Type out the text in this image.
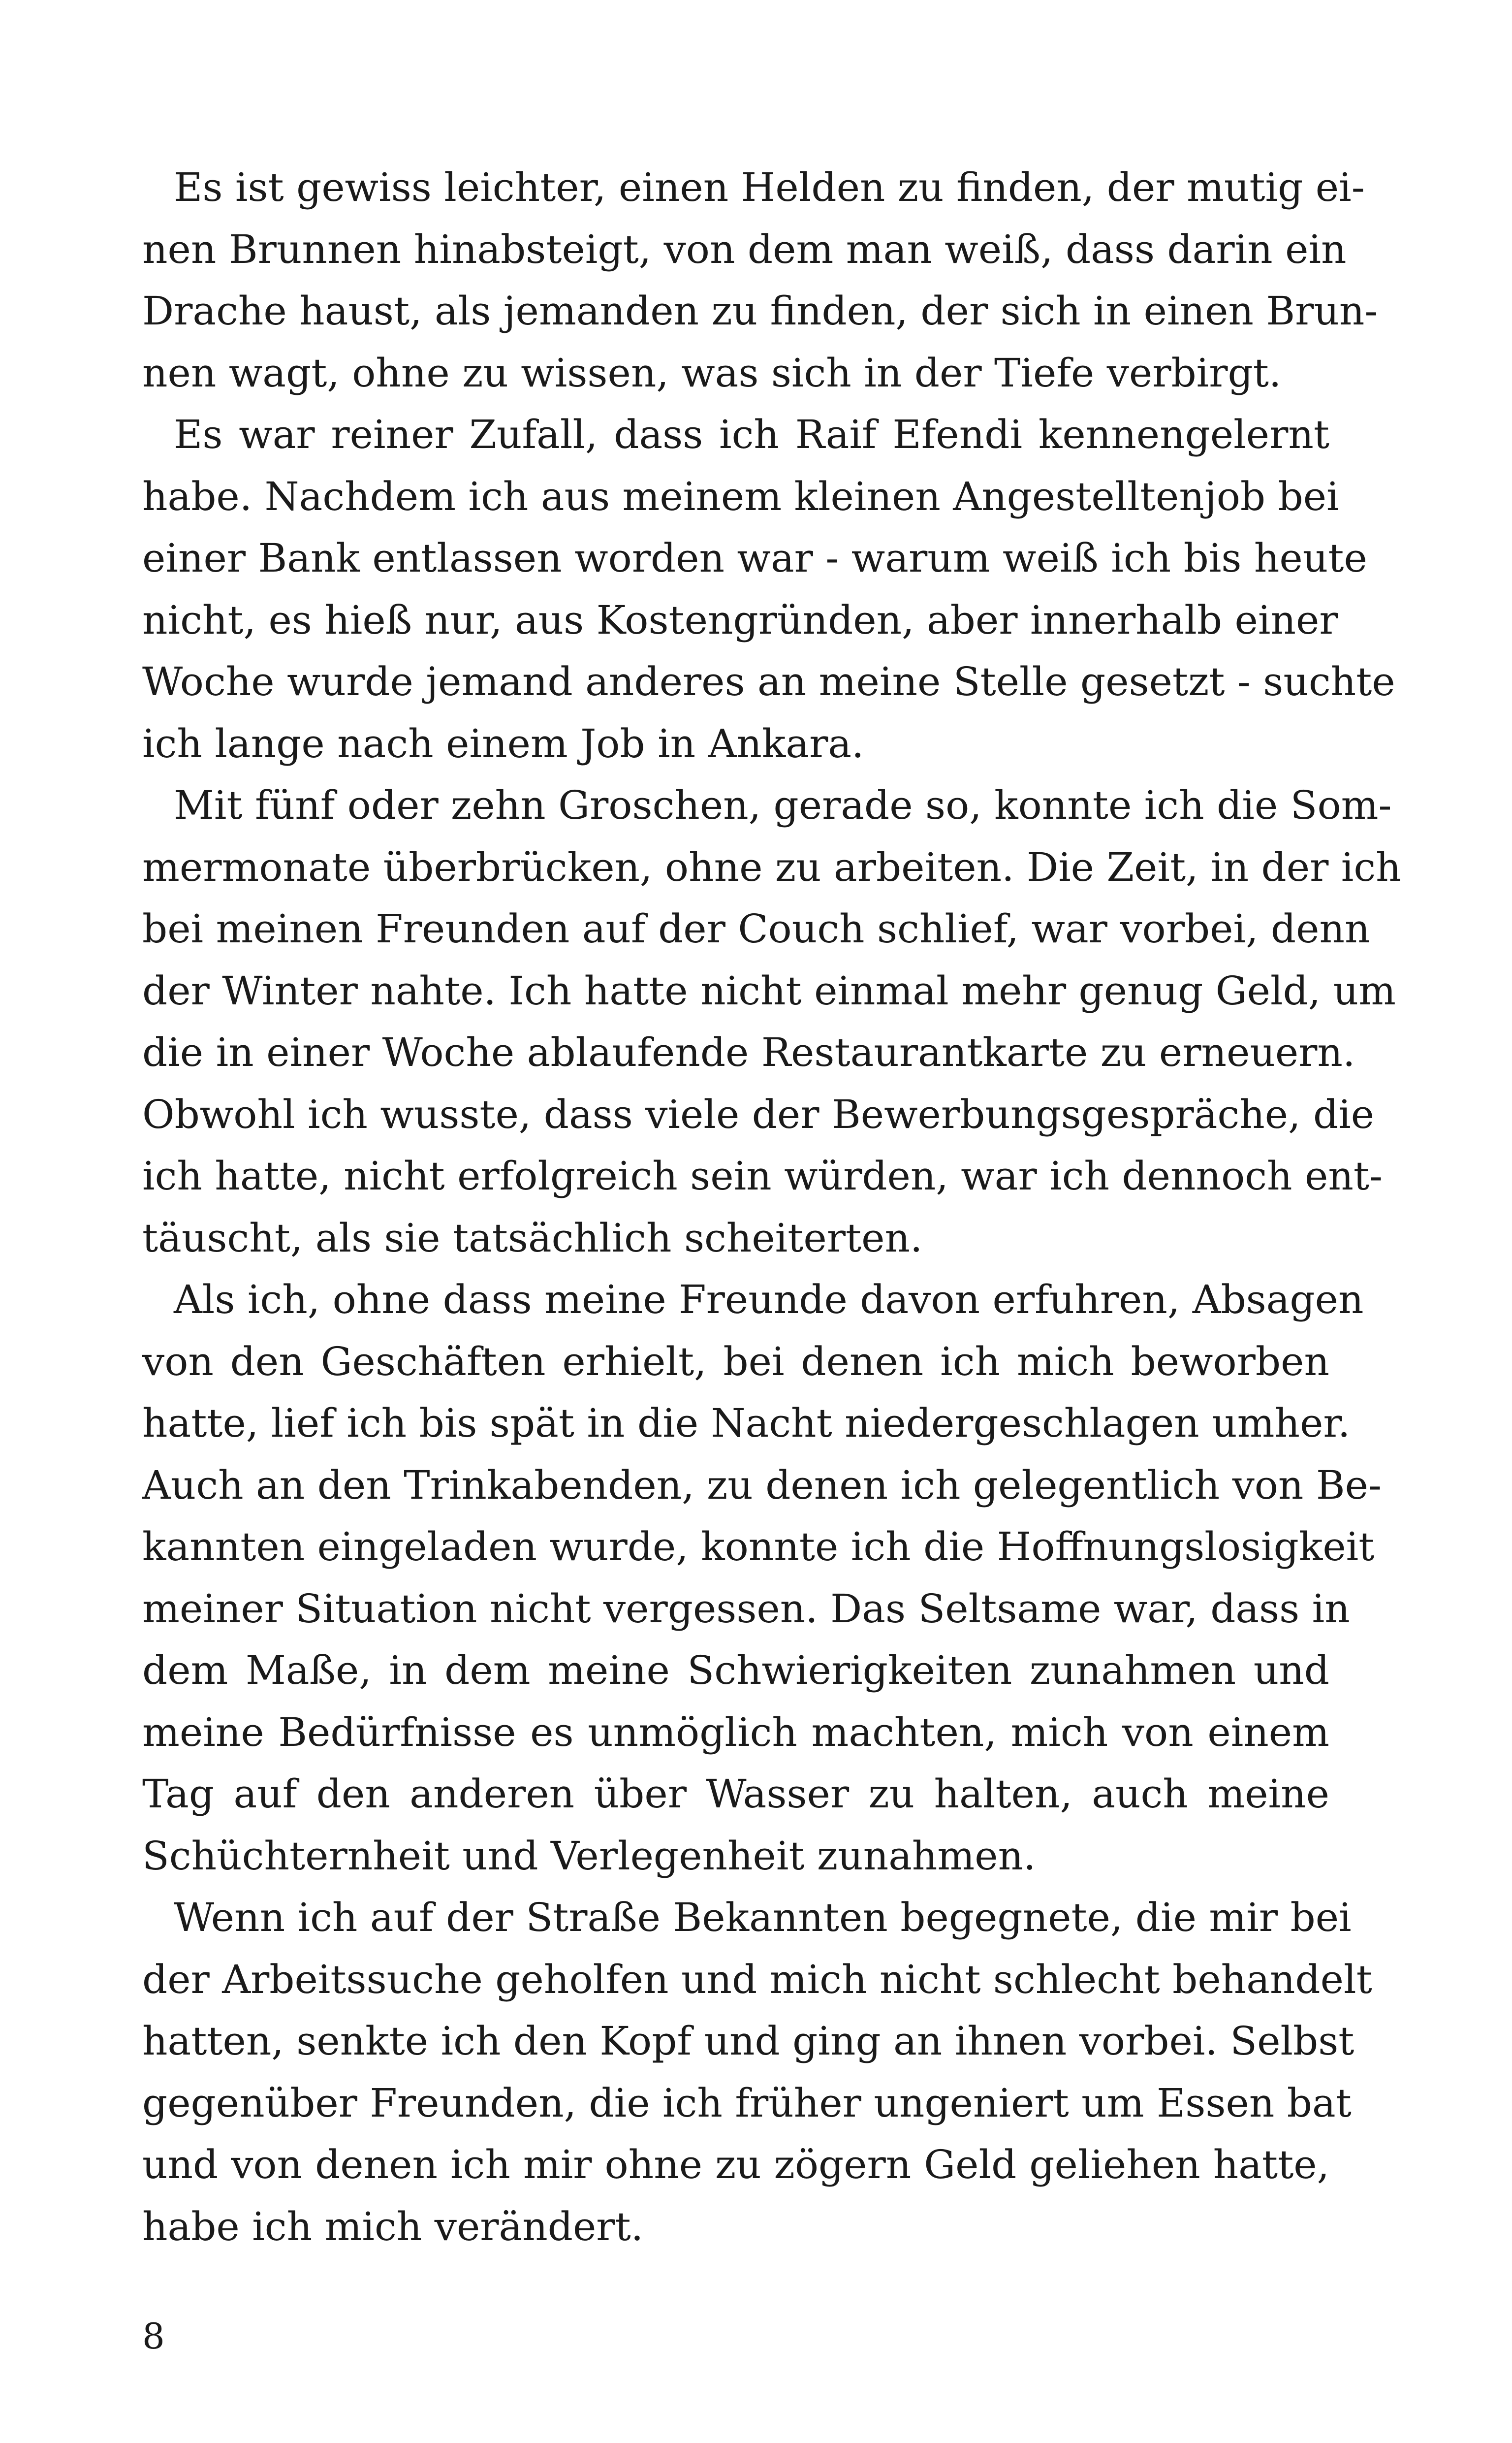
Es ist gewiss leichter, einen Helden zu finden, der mutig ei-
nen Brunnen hinabsteigt, von dem man weiß, dass darin ein
Drache haust, als jemanden zu finden, der sich in einen Brun-
nen wagt, ohne zu wissen, was sich in der Tiefe verbirgt.
Es war reiner Zufall, dass ich Raif Efendi kennengelernt
habe. Nachdem ich aus meinem kleinen Angestelltenjob bei
einer Bank entlassen worden war - warum weiß ich bis heute
nicht, es hieß nur, aus Kostengründen, aber innerhalb einer
Woche wurde jemand anderes an meine Stelle gesetzt - suchte
ich lange nach einem Job in Ankara.
Mit fünf oder zehn Groschen, gerade so, konnte ich die Som-
mermonate überbrücken, ohne zu arbeiten. Die Zeit, in der ich
bei meinen Freunden auf der Couch schlief, war vorbei, denn
der Winter nahte. Ich hatte nicht einmal mehr genug Geld, um
die in einer Woche ablaufende Restaurantkarte zu erneuern.
Obwohl ich wusste, dass viele der Bewerbungsgespräche, die
ich hatte, nicht erfolgreich sein würden, war ich dennoch ent-
täuscht, als sie tatsächlich scheiterten.
Als ich, ohne dass meine Freunde davon erfuhren, Absagen
von den Geschäften erhielt, bei denen ich mich beworben
hatte, lief ich bis spät in die Nacht niedergeschlagen umher.
Auch an den Trinkabenden, zu denen ich gelegentlich von Be-
kannten eingeladen wurde, konnte ich die Hoffnungslosigkeit
meiner Situation nicht vergessen. Das Seltsame war, dass in
dem Maße, in dem meine Schwierigkeiten zunahmen und
meine Bedürfnisse es unmöglich machten, mich von einem
Tag auf den anderen über Wasser zu halten, auch meine
Schüchternheit und Verlegenheit zunahmen.
Wenn ich auf der Straße Bekannten begegnete, die mir bei
der Arbeitssuche geholfen und mich nicht schlecht behandelt
hatten, senkte ich den Kopf und ging an ihnen vorbei. Selbst
gegenüber Freunden, die ich früher ungeniert um Essen bat
und von denen ich mir ohne zu zögern Geld geliehen hatte,
habe ich mich verändert.
8
